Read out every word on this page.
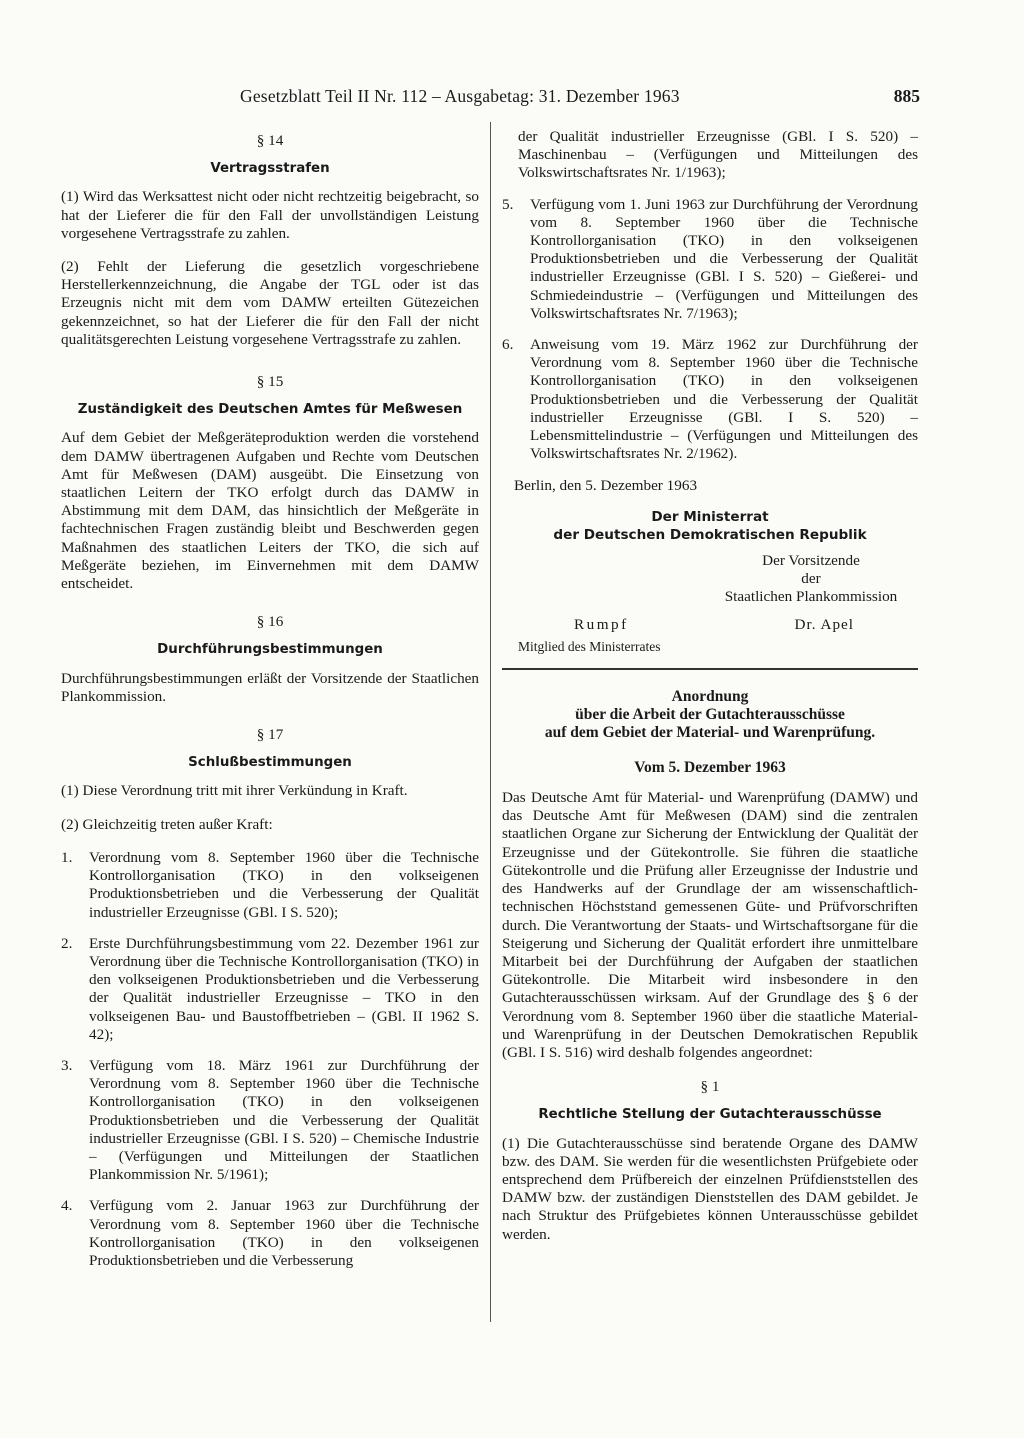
Gesetzblatt Teil II Nr. 112 – Ausgabetag: 31. Dezember 1963	885
§ 14
Vertragsstrafen

(1) Wird das Werksattest nicht oder nicht rechtzeitig beigebracht, so hat der Lieferer die für den Fall der unvollständigen Leistung vorgesehene Vertragsstrafe zu zahlen.

(2) Fehlt der Lieferung die gesetzlich vorgeschriebene Herstellerkennzeichnung, die Angabe der TGL oder ist das Erzeugnis nicht mit dem vom DAMW erteilten Gütezeichen gekennzeichnet, so hat der Lieferer die für den Fall der nicht qualitätsgerechten Leistung vorgesehene Vertragsstrafe zu zahlen.

§ 15
Zuständigkeit des Deutschen Amtes für Meßwesen

Auf dem Gebiet der Meßgeräteproduktion werden die vorstehend dem DAMW übertragenen Aufgaben und Rechte vom Deutschen Amt für Meßwesen (DAM) ausgeübt. Die Einsetzung von staatlichen Leitern der TKO erfolgt durch das DAMW in Abstimmung mit dem DAM, das hinsichtlich der Meßgeräte in fachtechnischen Fragen zuständig bleibt und Beschwerden gegen Maßnahmen des staatlichen Leiters der TKO, die sich auf Meßgeräte beziehen, im Einvernehmen mit dem DAMW entscheidet.

§ 16
Durchführungsbestimmungen

Durchführungsbestimmungen erläßt der Vorsitzende der Staatlichen Plankommission.

§ 17
Schlußbestimmungen

(1) Diese Verordnung tritt mit ihrer Verkündung in Kraft.

(2) Gleichzeitig treten außer Kraft:

1. Verordnung vom 8. September 1960 über die Technische Kontrollorganisation (TKO) in den volkseigenen Produktionsbetrieben und die Verbesserung der Qualität industrieller Erzeugnisse (GBl. I S. 520);
2. Erste Durchführungsbestimmung vom 22. Dezember 1961 zur Verordnung über die Technische Kontrollorganisation (TKO) in den volkseigenen Produktionsbetrieben und die Verbesserung der Qualität industrieller Erzeugnisse – TKO in den volkseigenen Bau- und Baustoffbetrieben – (GBl. II 1962 S. 42);
3. Verfügung vom 18. März 1961 zur Durchführung der Verordnung vom 8. September 1960 über die Technische Kontrollorganisation (TKO) in den volkseigenen Produktionsbetrieben und die Verbesserung der Qualität industrieller Erzeugnisse (GBl. I S. 520) – Chemische Industrie – (Verfügungen und Mitteilungen der Staatlichen Plankommission Nr. 5/1961);
4. Verfügung vom 2. Januar 1963 zur Durchführung der Verordnung vom 8. September 1960 über die Technische Kontrollorganisation (TKO) in den volkseigenen Produktionsbetrieben und die Verbesserung

der Qualität industrieller Erzeugnisse (GBl. I S. 520) – Maschinenbau – (Verfügungen und Mitteilungen des Volkswirtschaftsrates Nr. 1/1963);

5. Verfügung vom 1. Juni 1963 zur Durchführung der Verordnung vom 8. September 1960 über die Technische Kontrollorganisation (TKO) in den volkseigenen Produktionsbetrieben und die Verbesserung der Qualität industrieller Erzeugnisse (GBl. I S. 520) – Gießerei- und Schmiedeindustrie – (Verfügungen und Mitteilungen des Volkswirtschaftsrates Nr. 7/1963);
6. Anweisung vom 19. März 1962 zur Durchführung der Verordnung vom 8. September 1960 über die Technische Kontrollorganisation (TKO) in den volkseigenen Produktionsbetrieben und die Verbesserung der Qualität industrieller Erzeugnisse (GBl. I S. 520) – Lebensmittelindustrie – (Verfügungen und Mitteilungen des Volkswirtschaftsrates Nr. 2/1962).
Berlin, den 5. Dezember 1963
Der Ministerrat
der Deutschen Demokratischen Republik
Der Vorsitzende
der
Staatlichen Plankommission
Rumpf	Dr. Apel
Mitglied des Ministerrates
Anordnung
über die Arbeit der Gutachterausschüsse
auf dem Gebiet der Material- und Warenprüfung.
Vom 5. Dezember 1963

Das Deutsche Amt für Material- und Warenprüfung (DAMW) und das Deutsche Amt für Meßwesen (DAM) sind die zentralen staatlichen Organe zur Sicherung der Entwicklung der Qualität der Erzeugnisse und der Gütekontrolle. Sie führen die staatliche Gütekontrolle und die Prüfung aller Erzeugnisse der Industrie und des Handwerks auf der Grundlage der am wissenschaftlich-technischen Höchststand gemessenen Güte- und Prüfvorschriften durch. Die Verantwortung der Staats- und Wirtschaftsorgane für die Steigerung und Sicherung der Qualität erfordert ihre unmittelbare Mitarbeit bei der Durchführung der Aufgaben der staatlichen Gütekontrolle. Die Mitarbeit wird insbesondere in den Gutachterausschüssen wirksam. Auf der Grundlage des § 6 der Verordnung vom 8. September 1960 über die staatliche Material- und Warenprüfung in der Deutschen Demokratischen Republik (GBl. I S. 516) wird deshalb folgendes angeordnet:

§ 1
Rechtliche Stellung der Gutachterausschüsse

(1) Die Gutachterausschüsse sind beratende Organe des DAMW bzw. des DAM. Sie werden für die wesentlichsten Prüfgebiete oder entsprechend dem Prüfbereich der einzelnen Prüfdienststellen des DAMW bzw. der zuständigen Dienststellen des DAM gebildet. Je nach Struktur des Prüfgebietes können Unterausschüsse gebildet werden.
